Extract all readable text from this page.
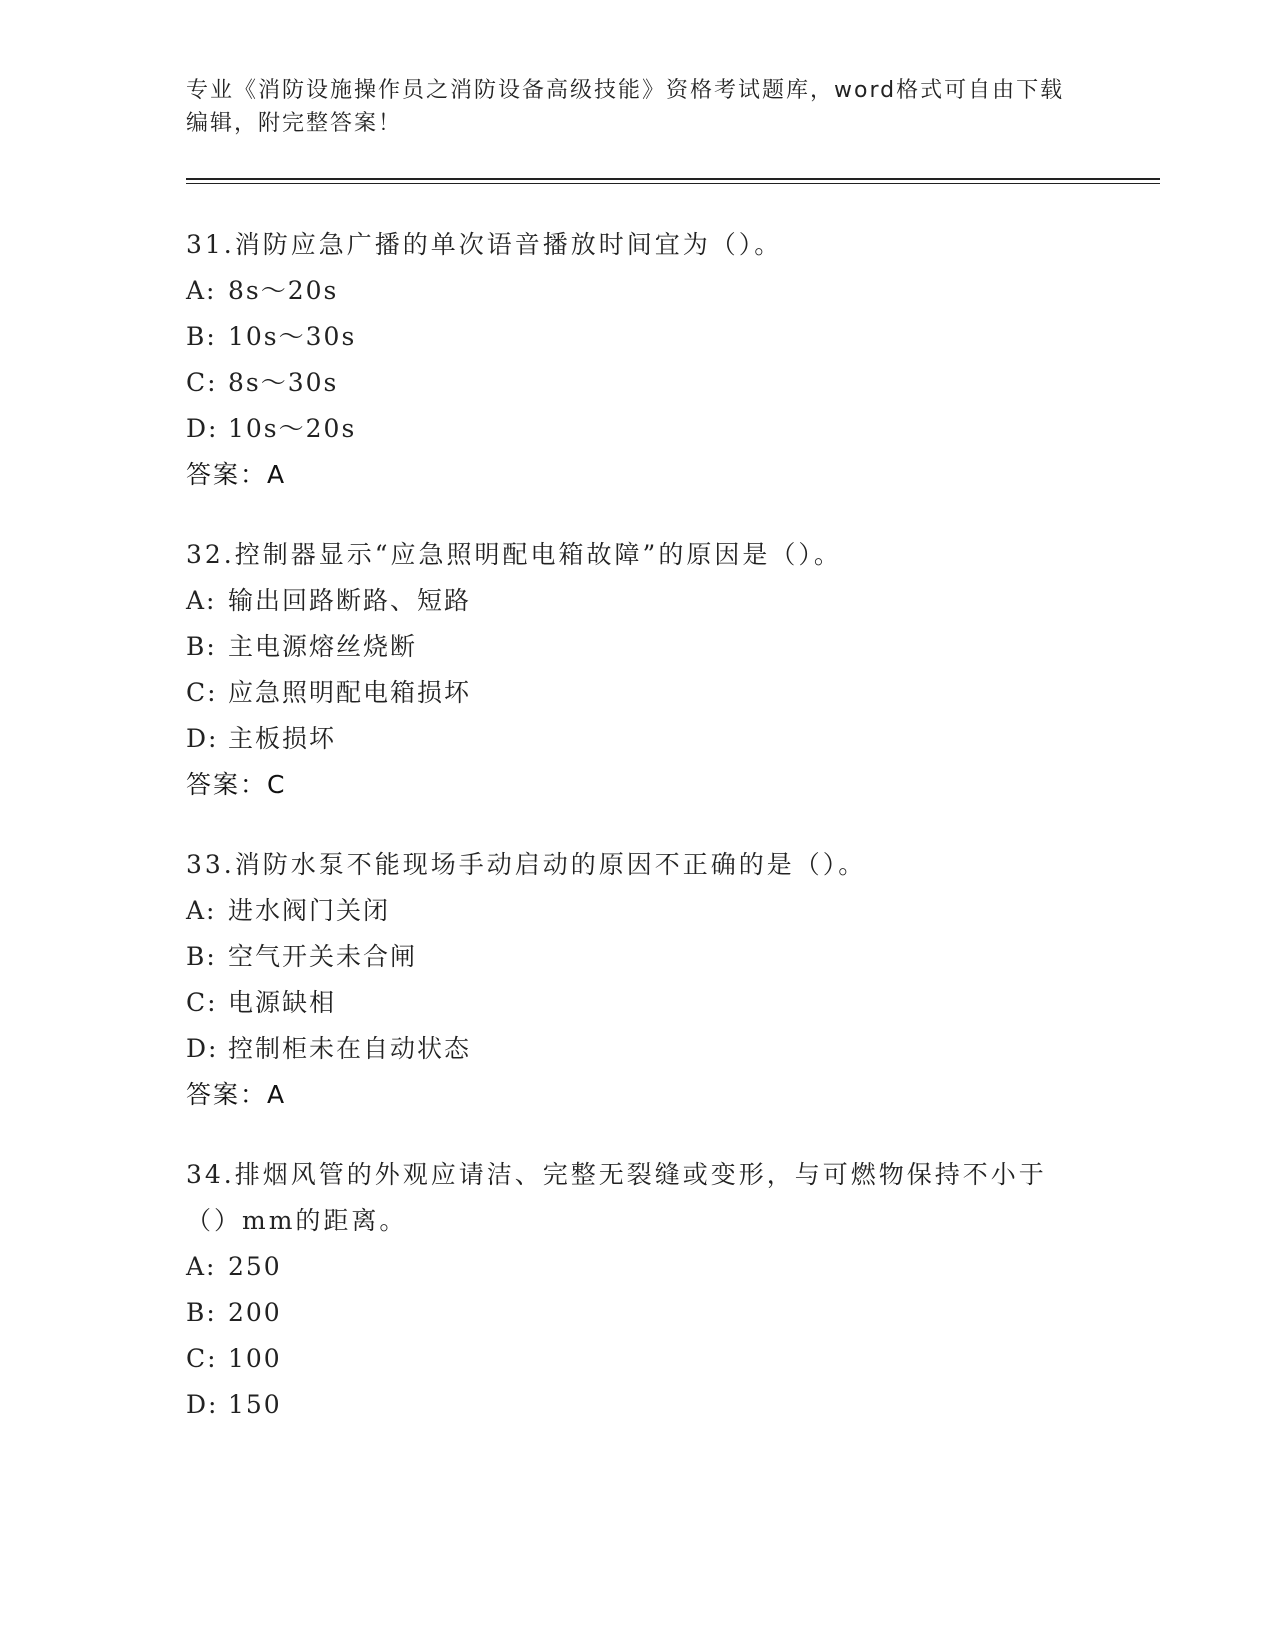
专业《消防设施操作员之消防设备高级技能》资格考试题库，word格式可自由下载编辑，附完整答案！

31.消防应急广播的单次语音播放时间宜为（）。

A: 8s～20s
B: 10s～30s
C: 8s～30s
D: 10s～20s
答案：A

32.控制器显示“应急照明配电箱故障”的原因是（）。

A: 输出回路断路、短路
B: 主电源熔丝烧断
C: 应急照明配电箱损坏
D: 主板损坏
答案：C

33.消防水泵不能现场手动启动的原因不正确的是（）。

A: 进水阀门关闭
B: 空气开关未合闸
C: 电源缺相
D: 控制柜未在自动状态
答案：A

34.排烟风管的外观应请洁、完整无裂缝或变形，与可燃物保持不小于（）mm的距离。

A: 250
B: 200
C: 100
D: 150
